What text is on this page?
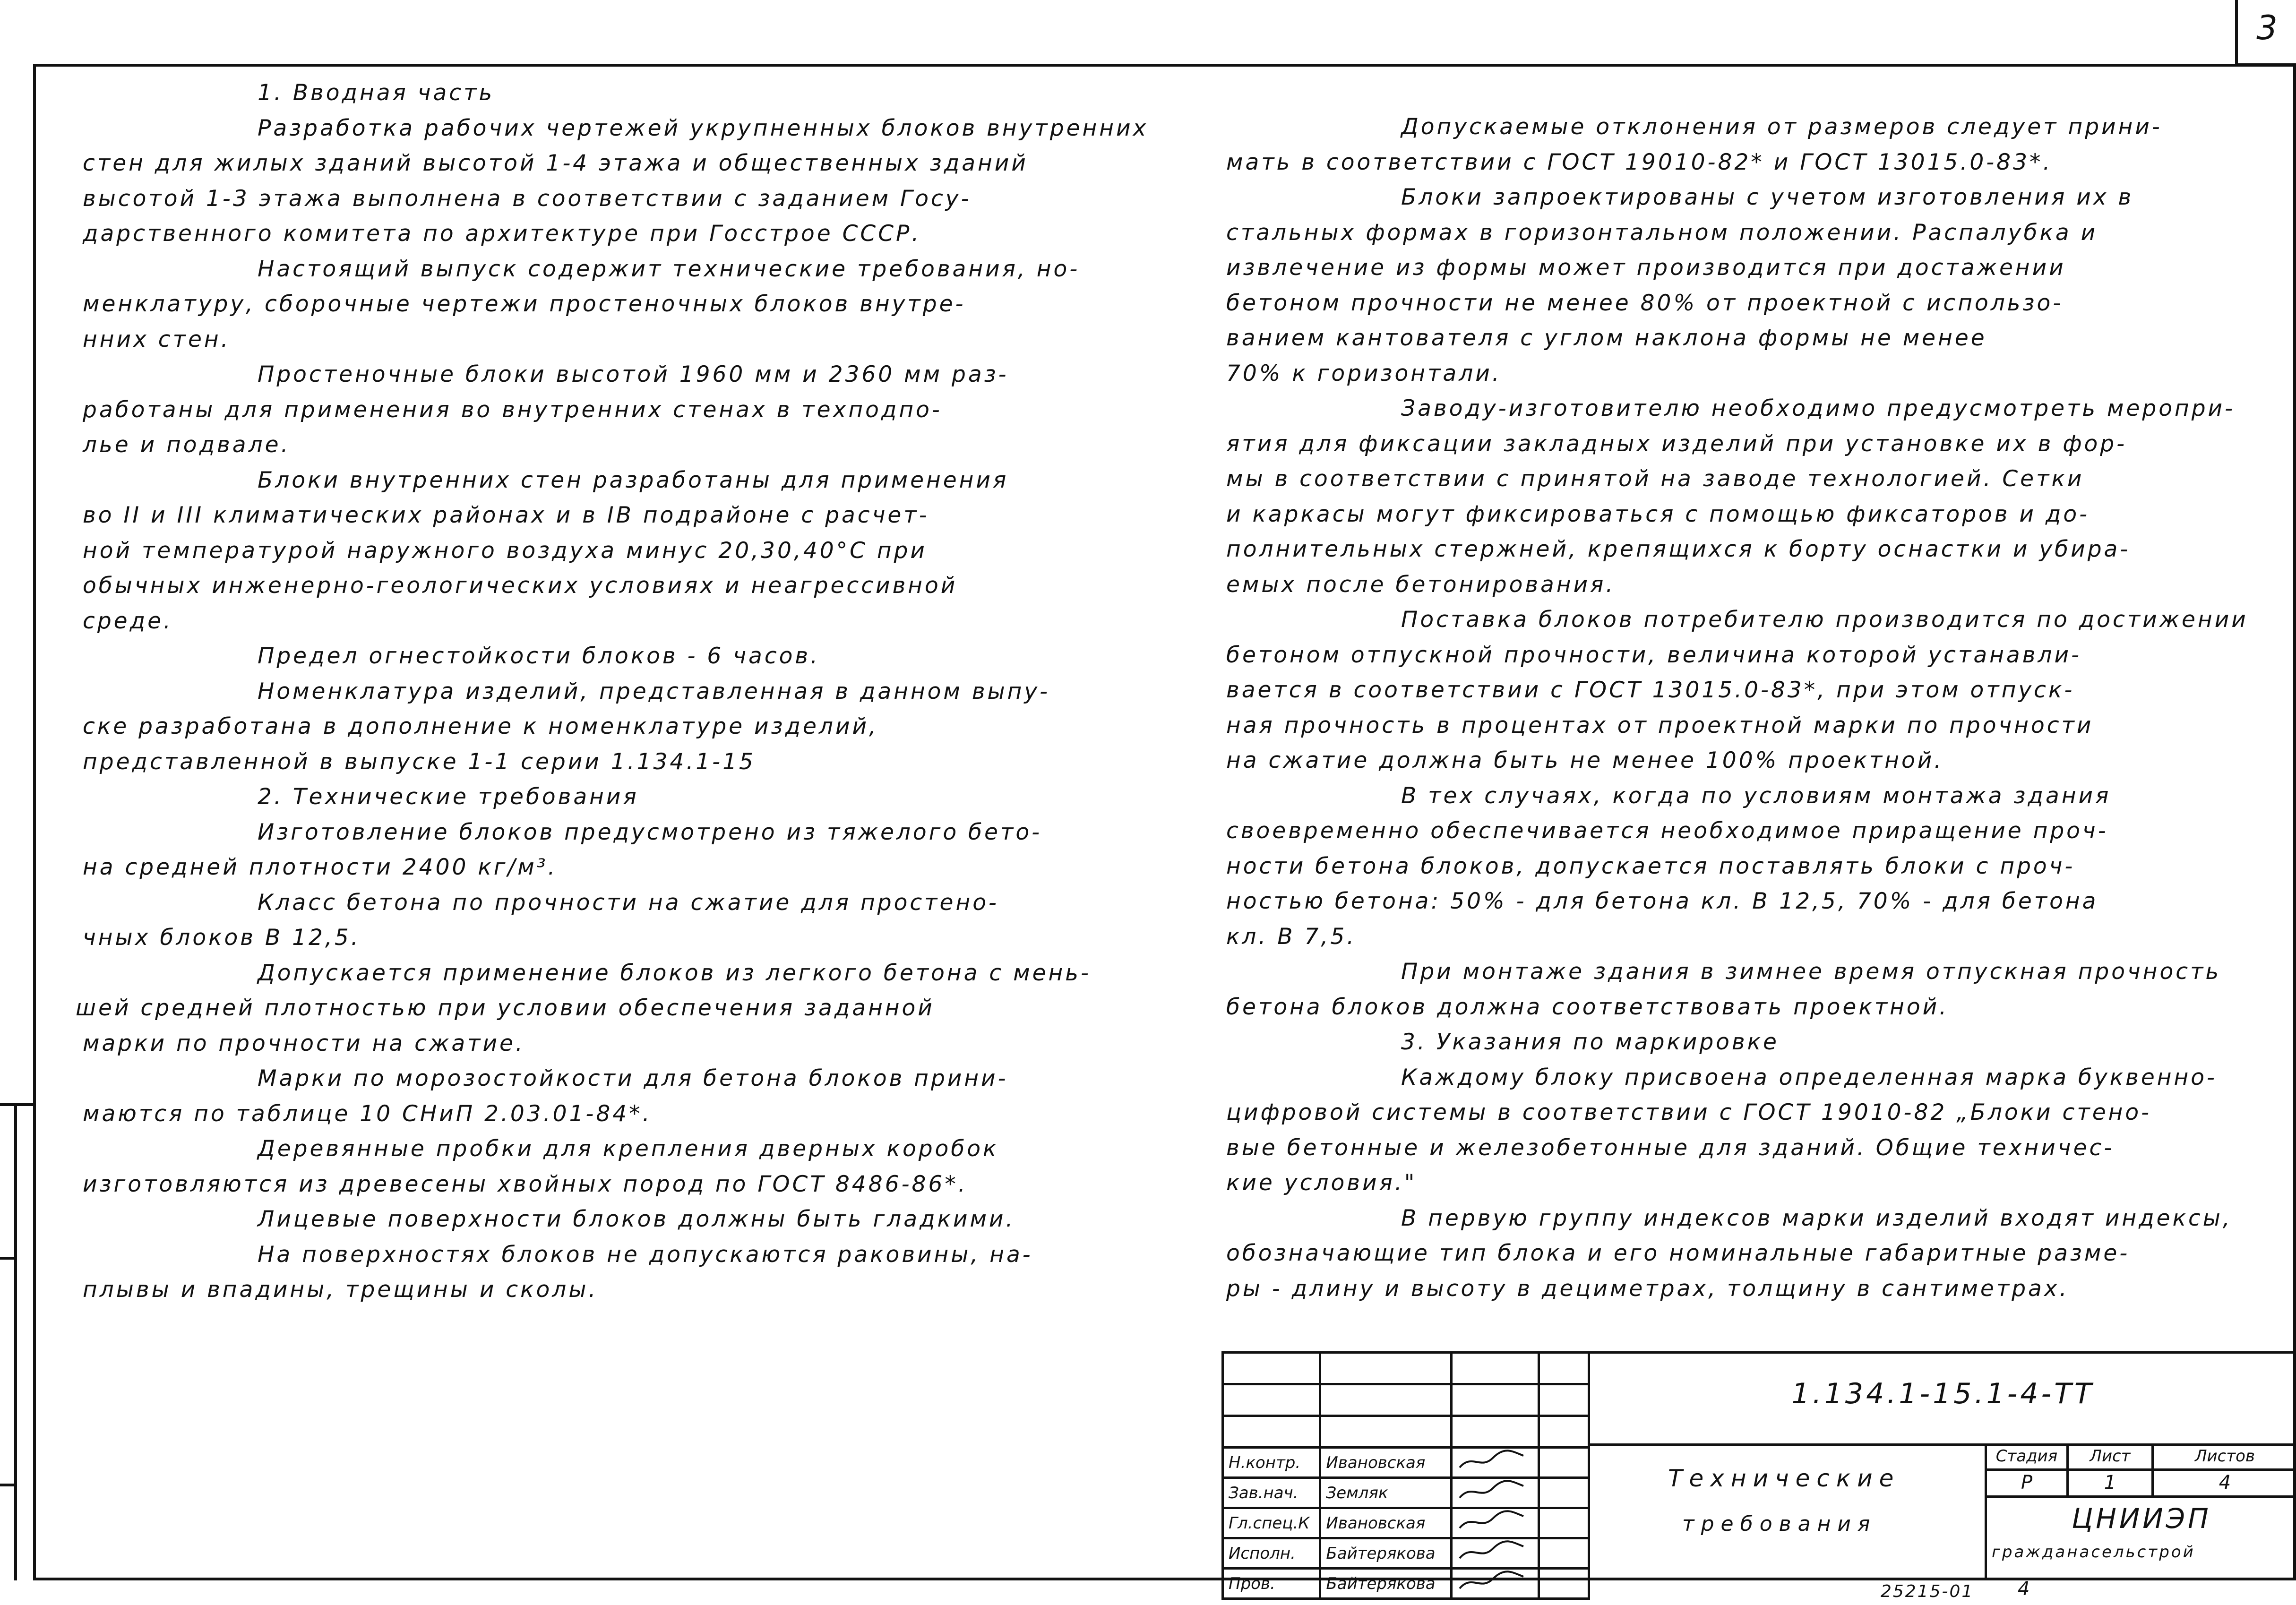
3

1. Вводная часть

Разработка рабочих чертежей укрупненных блоков внутренних

стен для жилых зданий высотой 1-4 этажа и общественных зданий

высотой 1-3 этажа выполнена в соответствии с заданием Госу-

дарственного комитета по архитектуре при Госстрое СССР.

Настоящий выпуск содержит технические требования, но-

менклатуру, сборочные чертежи простеночных блоков внутре-

нних стен.

Простеночные блоки высотой 1960 мм и 2360 мм раз-

работаны для применения во внутренних стенах в техподпо-

лье и подвале.

Блоки внутренних стен разработаны для применения

во II и III климатических районах и в IВ подрайоне с расчет-

ной температурой наружного воздуха минус 20,30,40°С при

обычных инженерно-геологических условиях и неагрессивной

среде.

Предел огнестойкости блоков - 6 часов.

Номенклатура изделий, представленная в данном выпу-

ске разработана в дополнение к номенклатуре изделий,

представленной в выпуске 1-1 серии 1.134.1-15

2. Технические требования

Изготовление блоков предусмотрено из тяжелого бето-

на средней плотности 2400 кг/м³.

Класс бетона по прочности на сжатие для простено-

чных блоков В 12,5.

Допускается применение блоков из легкого бетона с мень-

шей средней плотностью при условии обеспечения заданной

марки по прочности на сжатие.

Марки по морозостойкости для бетона блоков прини-

маются по таблице 10 СНиП 2.03.01-84*.

Деревянные пробки для крепления дверных коробок

изготовляются из древесены хвойных пород по ГОСТ 8486-86*.

Лицевые поверхности блоков должны быть гладкими.

На поверхностях блоков не допускаются раковины, на-

плывы и впадины, трещины и сколы.

Допускаемые отклонения от размеров следует прини-

мать в соответствии с ГОСТ 19010-82* и ГОСТ 13015.0-83*.

Блоки запроектированы с учетом изготовления их в

стальных формах в горизонтальном положении. Распалубка и

извлечение из формы может производится при достажении

бетоном прочности не менее 80% от проектной с использо-

ванием кантователя с углом наклона формы не менее

70% к горизонтали.

Заводу-изготовителю необходимо предусмотреть меропри-

ятия для фиксации закладных изделий при установке их в фор-

мы в соответствии с принятой на заводе технологией. Сетки

и каркасы могут фиксироваться с помощью фиксаторов и до-

полнительных стержней, крепящихся к борту оснастки и убира-

емых после бетонирования.

Поставка блоков потребителю производится по достижении

бетоном отпускной прочности, величина которой устанавли-

вается в соответствии с ГОСТ 13015.0-83*, при этом отпуск-

ная прочность в процентах от проектной марки по прочности

на сжатие должна быть не менее 100% проектной.

В тех случаях, когда по условиям монтажа здания

своевременно обеспечивается необходимое приращение проч-

ности бетона блоков, допускается поставлять блоки с проч-

ностью бетона: 50% - для бетона кл. В 12,5, 70% - для бетона

кл. В 7,5.

При монтаже здания в зимнее время отпускная прочность

бетона блоков должна соответствовать проектной.

3. Указания по маркировке

Каждому блоку присвоена определенная марка буквенно-

цифровой системы в соответствии с ГОСТ 19010-82 „Блоки стено-

вые бетонные и железобетонные для зданий. Общие техничес-

кие условия."

В первую группу индексов марки изделий входят индексы,

обозначающие тип блока и его номинальные габаритные разме-

ры - длину и высоту в дециметрах, толщину в сантиметрах.

Н.контр.	Ивановская		
Зав.нач.	Земляк		
Гл.спец.К	Ивановская		
Исполн.	Байтерякова		
Пров.	Байтерякова		
1.134.1-15.1-4-ТТ
Технические
требования
Стадия	Лист	Листов
Р	1	4
ЦНИИЭП
гражданасельстрой
25215-01 4
